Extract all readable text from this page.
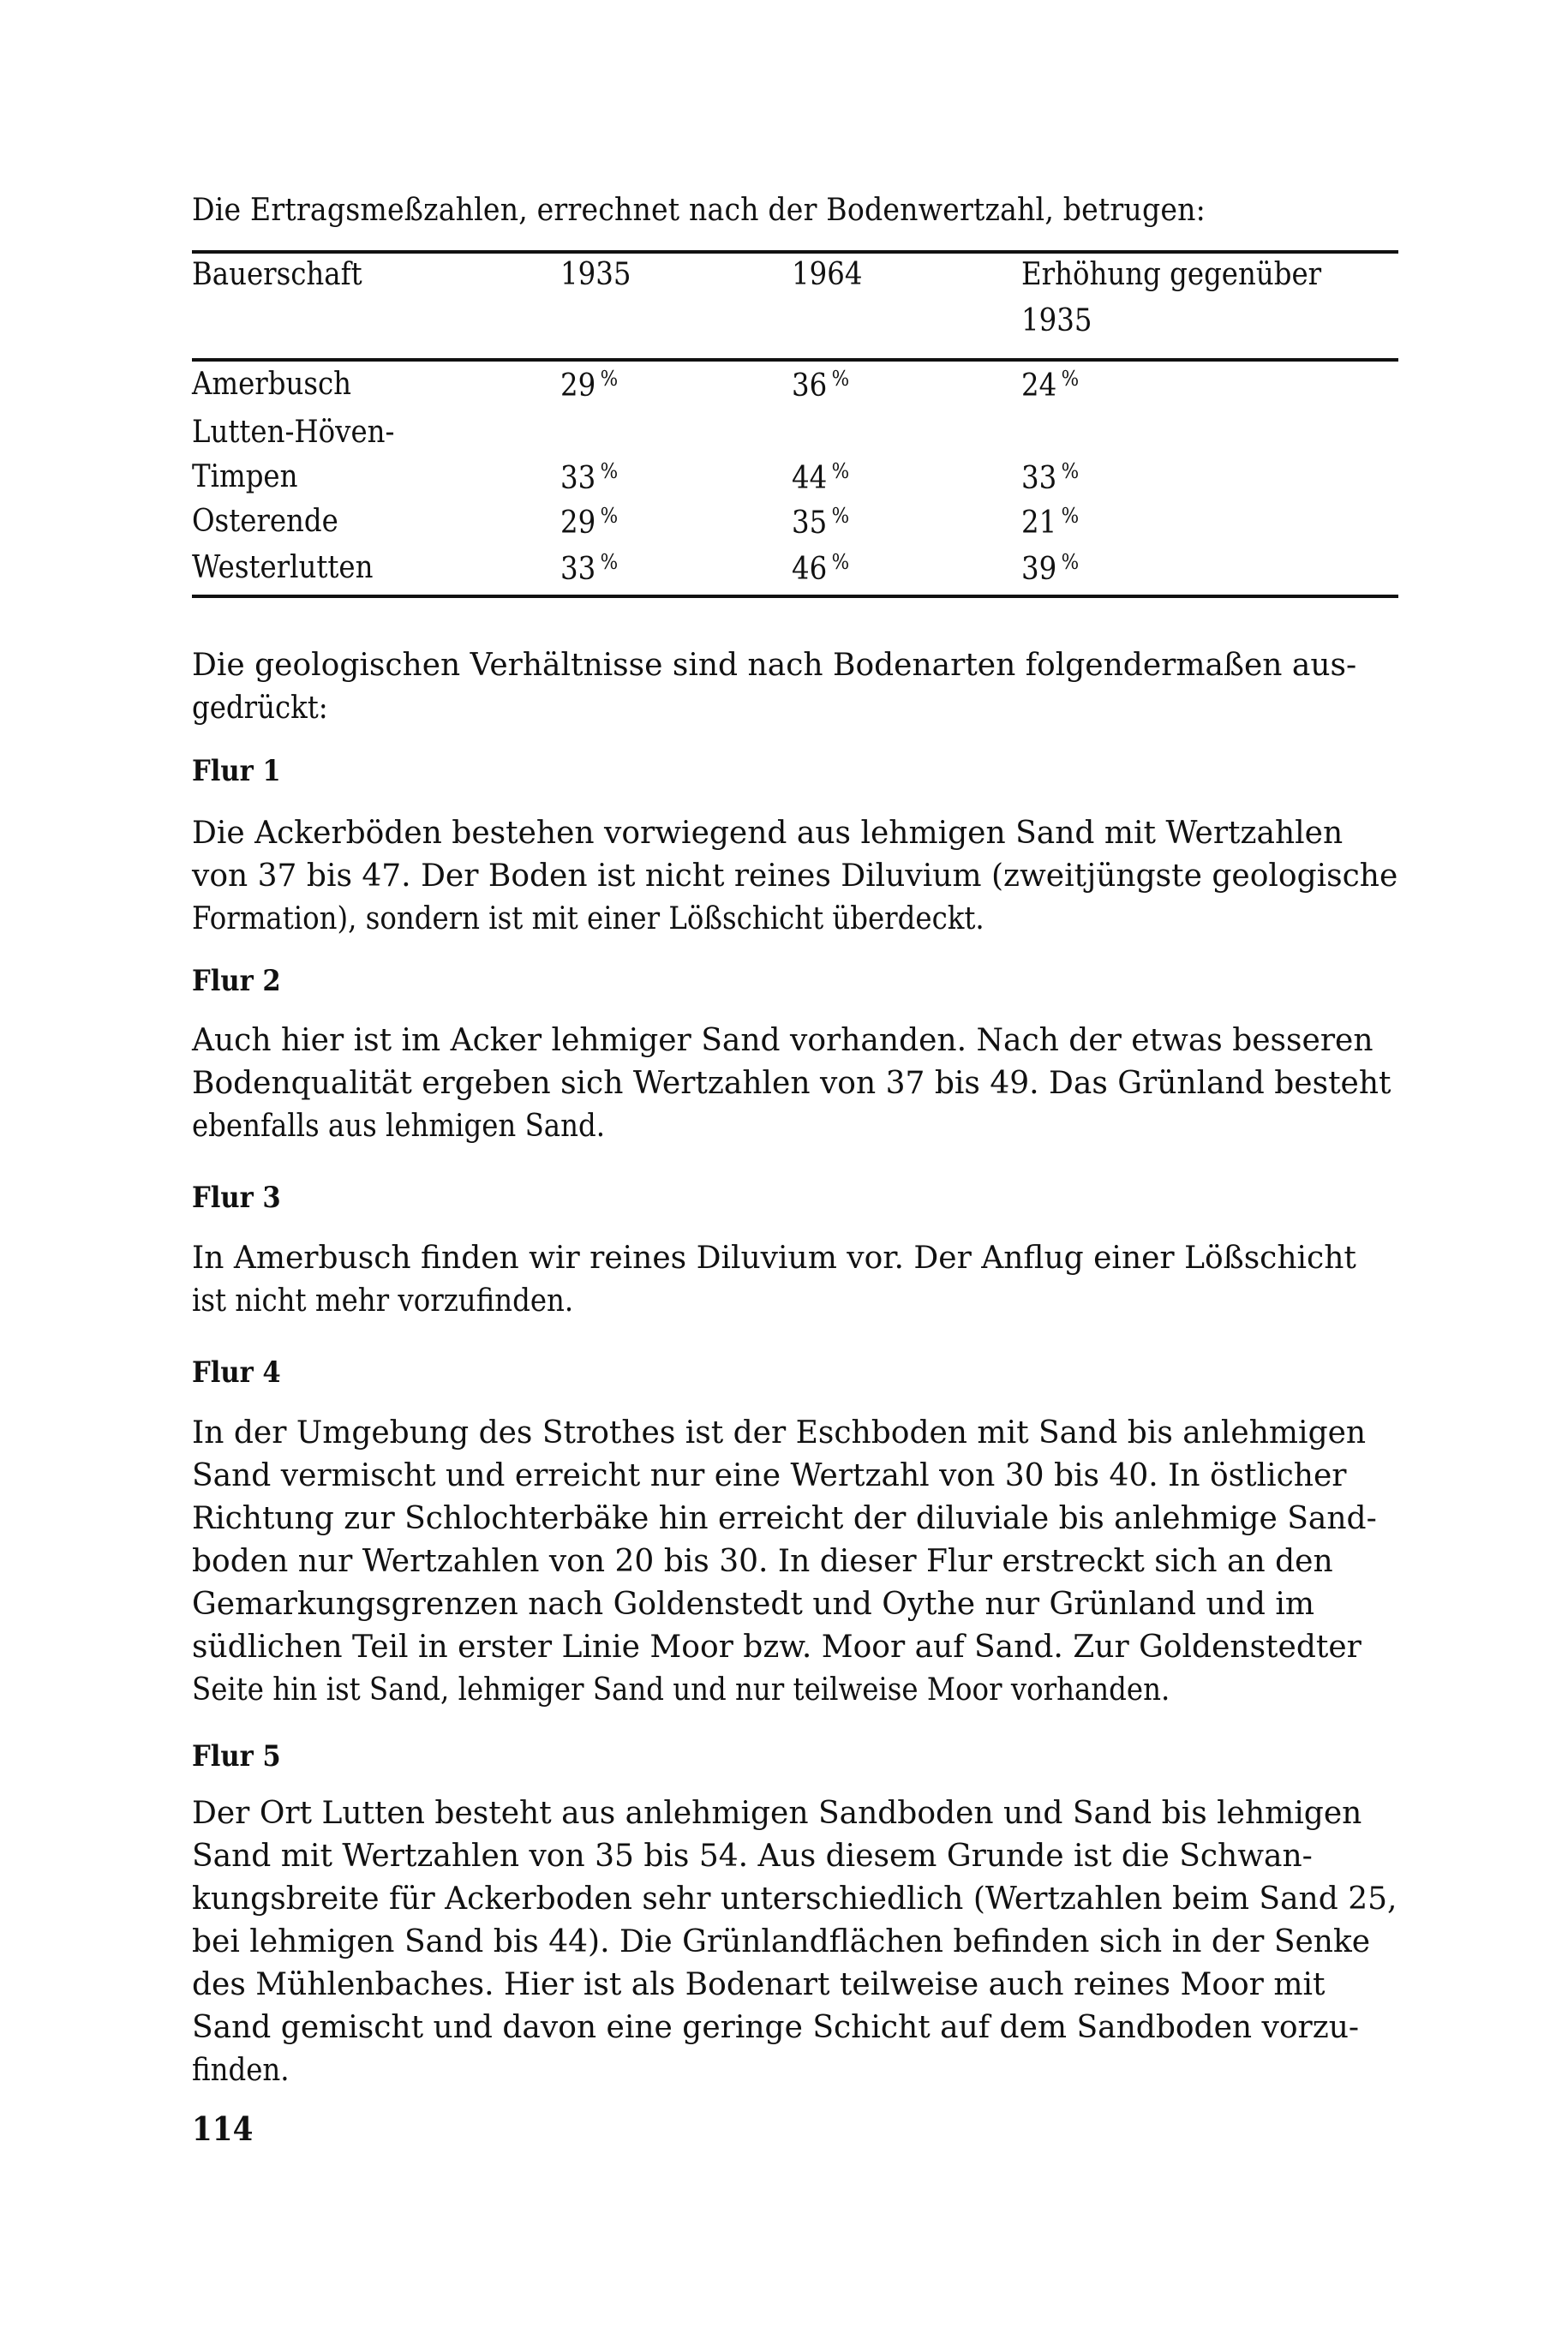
Die Ertragsmeßzahlen, errechnet nach der Bodenwertzahl, betrugen:
Bauerschaft	1935	1964	Erhöhung gegenüber
1935
Amerbusch	29 %	36 %	24 %
Lutten-Höven-
Timpen	33 %	44 %	33 %
Osterende	29 %	35 %	21 %
Westerlutten	33 %	46 %	39 %
Die geologischen Verhältnisse sind nach Bodenarten folgendermaßen aus-
gedrückt:
Flur 1
Die Ackerböden bestehen vorwiegend aus lehmigen Sand mit Wertzahlen
von 37 bis 47. Der Boden ist nicht reines Diluvium (zweitjüngste geologische
Formation), sondern ist mit einer Lößschicht überdeckt.
Flur 2
Auch hier ist im Acker lehmiger Sand vorhanden. Nach der etwas besseren
Bodenqualität ergeben sich Wertzahlen von 37 bis 49. Das Grünland besteht
ebenfalls aus lehmigen Sand.
Flur 3
In Amerbusch finden wir reines Diluvium vor. Der Anflug einer Lößschicht
ist nicht mehr vorzufinden.
Flur 4
In der Umgebung des Strothes ist der Eschboden mit Sand bis anlehmigen
Sand vermischt und erreicht nur eine Wertzahl von 30 bis 40. In östlicher
Richtung zur Schlochterbäke hin erreicht der diluviale bis anlehmige Sand-
boden nur Wertzahlen von 20 bis 30. In dieser Flur erstreckt sich an den
Gemarkungsgrenzen nach Goldenstedt und Oythe nur Grünland und im
südlichen Teil in erster Linie Moor bzw. Moor auf Sand. Zur Goldenstedter
Seite hin ist Sand, lehmiger Sand und nur teilweise Moor vorhanden.
Flur 5
Der Ort Lutten besteht aus anlehmigen Sandboden und Sand bis lehmigen
Sand mit Wertzahlen von 35 bis 54. Aus diesem Grunde ist die Schwan-
kungsbreite für Ackerboden sehr unterschiedlich (Wertzahlen beim Sand 25,
bei lehmigen Sand bis 44). Die Grünlandflächen befinden sich in der Senke
des Mühlenbaches. Hier ist als Bodenart teilweise auch reines Moor mit
Sand gemischt und davon eine geringe Schicht auf dem Sandboden vorzu-
finden.
114
